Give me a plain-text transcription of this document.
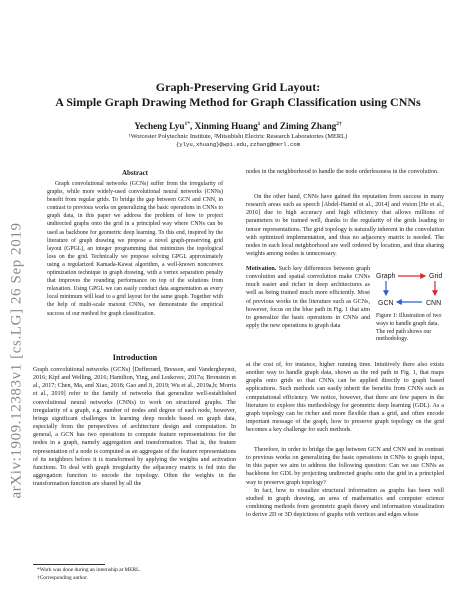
arXiv:1909.12383v1 [cs.LG] 26 Sep 2019
Graph-Preserving Grid Layout:
A Simple Graph Drawing Method for Graph Classification using CNNs
Yecheng Lyu$^{1*}$, Xinming Huang$^1$ and Ziming Zhang$^{2\dagger}$
¹Worcester Polytechnic Institute, ²Mitsubishi Electric Research Laboratories (MERL)
{ylyu,xhuang}@wpi.edu,zzhang@merl.com
Abstract

Graph convolutional networks (GCNs) suffer from the irregularity of graphs, while more widely-used convolutional neural networks (CNNs) benefit from regular grids. To bridge the gap between GCN and CNN, in contrast to previous works on generalizing the basic operations in CNNs to graph data, in this paper we address the problem of how to project undirected graphs onto the grid in a principled way where CNNs can be used as backbone for geometric deep learning. To this end, inspired by the literature of graph drawing we propose a novel graph-preserving grid layout (GPGL), an integer programming that minimizes the topological loss on the grid. Technically we propose solving GPGL approximately using a regularized Kamada-Kawai algorithm, a well-known nonconvex optimization technique in graph drawing, with a vertex separation penalty that improves the rounding performance on top of the solutions from relaxation. Using GPGL we can easily conduct data augmentation as every local minimum will lead to a grid layout for the same graph. Together with the help of multi-scale maxout CNNs, we demonstrate the empirical success of our method for graph classification.

Introduction

Graph convolutional networks (GCNs) [Defferrard, Bresson, and Vandergheynst, 2016; Kipf and Welling, 2016; Hamilton, Ying, and Leskovec, 2017a; Bronstein et al., 2017; Chen, Ma, and Xiao, 2018; Gao and Ji, 2019; Wu et al., 2019a,b; Morris et al., 2019] refer to the family of networks that generalize well-established convolutional neural networks (CNNs) to work on structured graphs. The irregularity of a graph, e.g. number of nodes and degree of each node, however, brings significant challenges in learning deep models based on graph data, especially from the perspectives of architecture design and computation. In general, a GCN has two operations to compute feature representations for the nodes in a graph, namely aggregation and transformation. That is, the feature representation of a node is computed as an aggregate of the feature representations of its neighbors before it is transformed by applying the weights and activation functions. To deal with graph irregularity the adjacency matrix is fed into the aggregation function to encode the topology. Often the weights in the transformation function are shared by all the

*Work was done during an internship at MERL.
†Corresponding author.

nodes in the neighborhood to handle the node orderlessness in the convolution.

On the other hand, CNNs have gained the reputation from success in many research areas such as speech [Abdel-Hamid et al., 2014] and vision [He et al., 2016] due to high accuracy and high efficiency that allows millions of parameters to be trained well, thanks to the regularity of the grids leading to tensor representations. The grid topology is naturally inherent in the convolution with optimized implementation, and thus no adjacency matrix is needed. The nodes in each local neighborhood are well ordered by location, and thus sharing weights among nodes is unnecessary.

Motivation. Such key differences between graph convolution and spatial convolution make CNNs much easier and richer in deep architectures as well as being trained much more efficiently. Most of previous works in the literature such as GCNs, however, focus on the blue path in Fig. 1 that aim to generalize the basic operations in CNNs and apply the new operations to graph data

at the cost of, for instance, higher running time. Intuitively there also exists another way to handle graph data, shown as the red path in Fig. 1, that maps graphs onto grids so that CNNs can be applied directly to graph based applications. Such methods can easily inherit the benefits from CNNs such as computational efficiency. We notice, however, that there are few papers in the literature to explore this methodology for geometric deep learning (GDL). As a graph topology can be richer and more flexible than a grid, and often encode important message of the graph, how to preserve graph topology on the grid becomes a key challenge for such methods.

Therefore, in order to bridge the gap between GCN and CNN and in contrast to previous works on generalizing the basic operations in CNNs to graph input, in this paper we aim to address the following question: Can we use CNNs as backbone for GDL by projecting undirected graphs onto the grid in a principled way to preserve graph topology?

In fact, how to visualize structural information as graphs has been well studied in graph drawing, an area of mathematics and computer science combining methods from geometric graph theory and information visualization to derive 2D or 3D depictions of graphs with vertices and edges whose

Graph	Grid
GCN	CNN
Figure 1: Illustration of two ways to handle graph data. The red path shows our methodology.
